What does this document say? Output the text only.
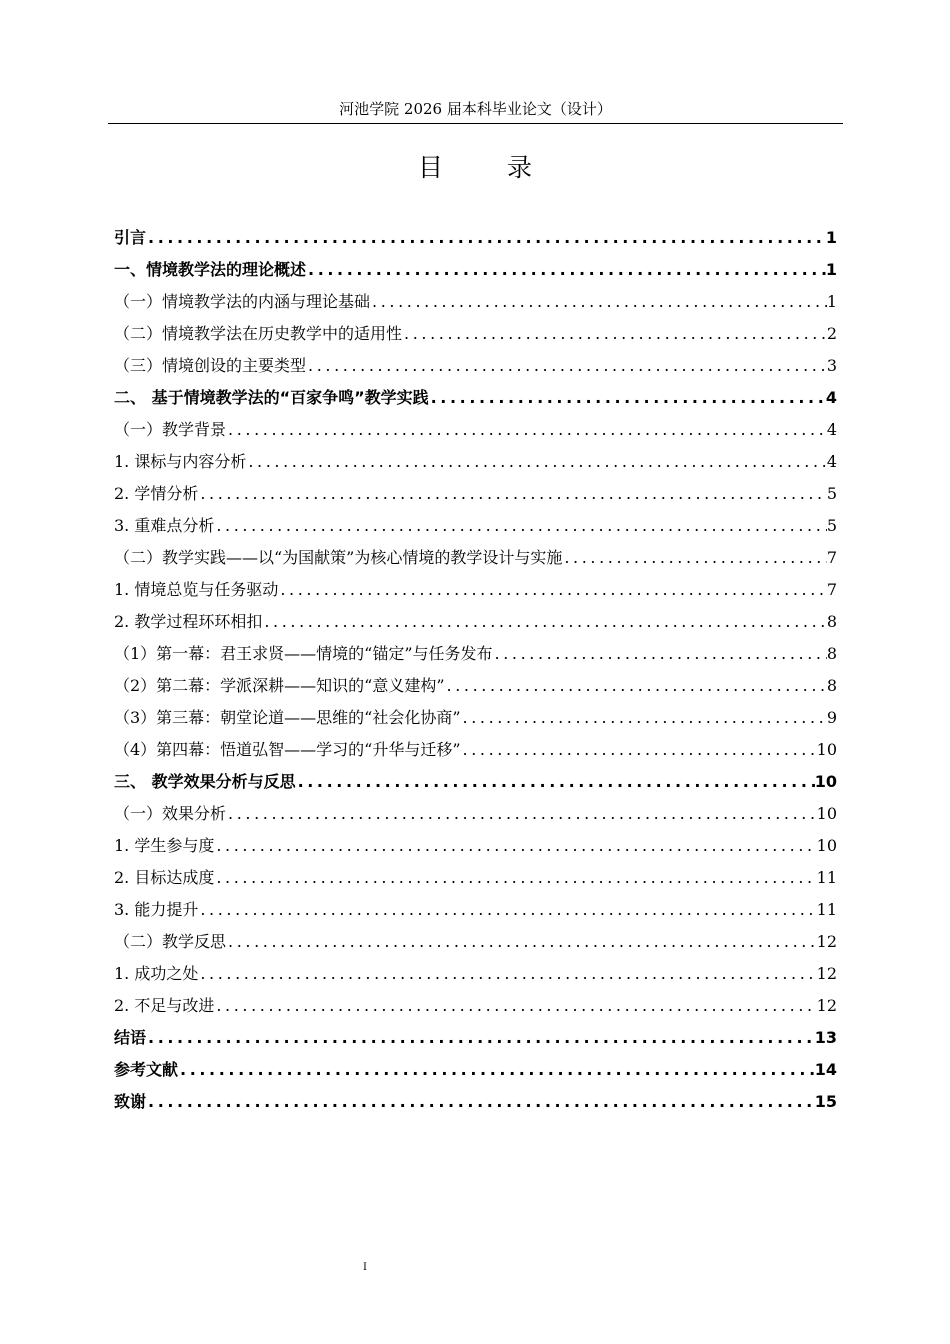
河池学院 2026 届本科毕业论文（设计）
目 录
引言 .....	1
一、情境教学法的理论概述 .....	1
（一）情境教学法的内涵与理论基础 .....	1
（二）情境教学法在历史教学中的适用性 .....	2
（三）情境创设的主要类型 .....	3
二、 基于情境教学法的“百家争鸣”教学实践 .....	4
（一）教学背景 .....	4
1. 课标与内容分析 .....	4
2. 学情分析 .....	5
3. 重难点分析 .....	5
（二）教学实践——以“为国献策”为核心情境的教学设计与实施 .....	7
1. 情境总览与任务驱动 .....	7
2. 教学过程环环相扣 .....	8
（1）第一幕：君王求贤——情境的“锚定”与任务发布 .....	8
（2）第二幕：学派深耕——知识的“意义建构” .....	8
（3）第三幕：朝堂论道——思维的“社会化协商” .....	9
（4）第四幕：悟道弘智——学习的“升华与迁移” .....	10
三、 教学效果分析与反思 .....	10
（一）效果分析 .....	10
1. 学生参与度 .....	10
2. 目标达成度 .....	11
3. 能力提升 .....	11
（二）教学反思 .....	12
1. 成功之处 .....	12
2. 不足与改进 .....	12
结语 .....	13
参考文献 .....	14
致谢 .....	15
I
